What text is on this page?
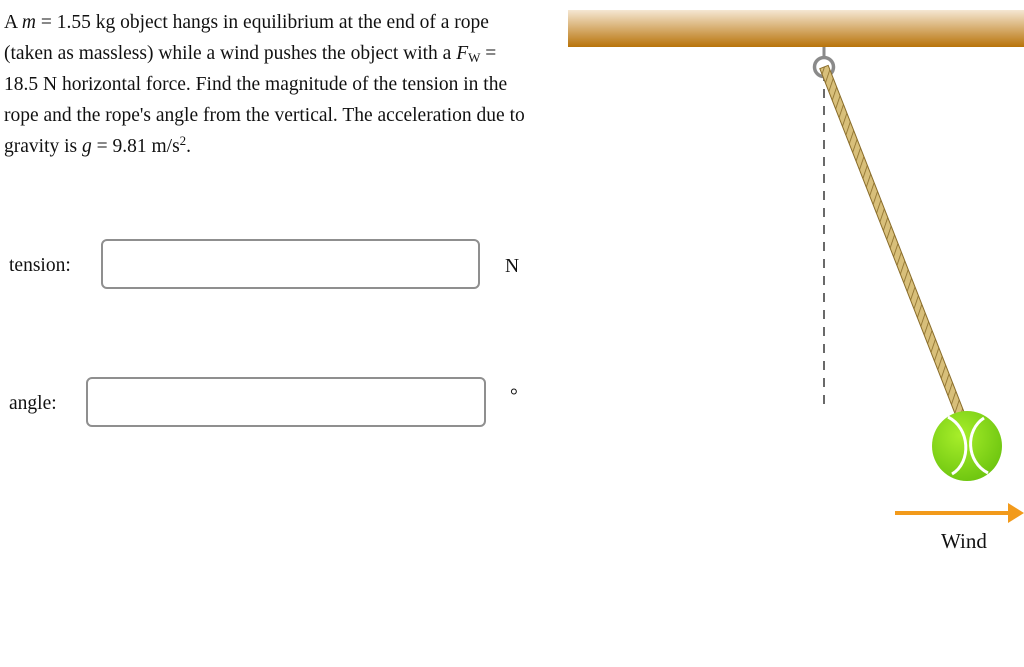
A m = 1.55 kg object hangs in equilibrium at the end of a rope (taken as massless) while a wind pushes the object with a $F_W = 18.5$ N horizontal force. Find the magnitude of the tension in the rope and the rope's angle from the vertical. The acceleration due to gravity is g = 9.81 $m/s^2$.
tension:	N
angle:	°
Wind
